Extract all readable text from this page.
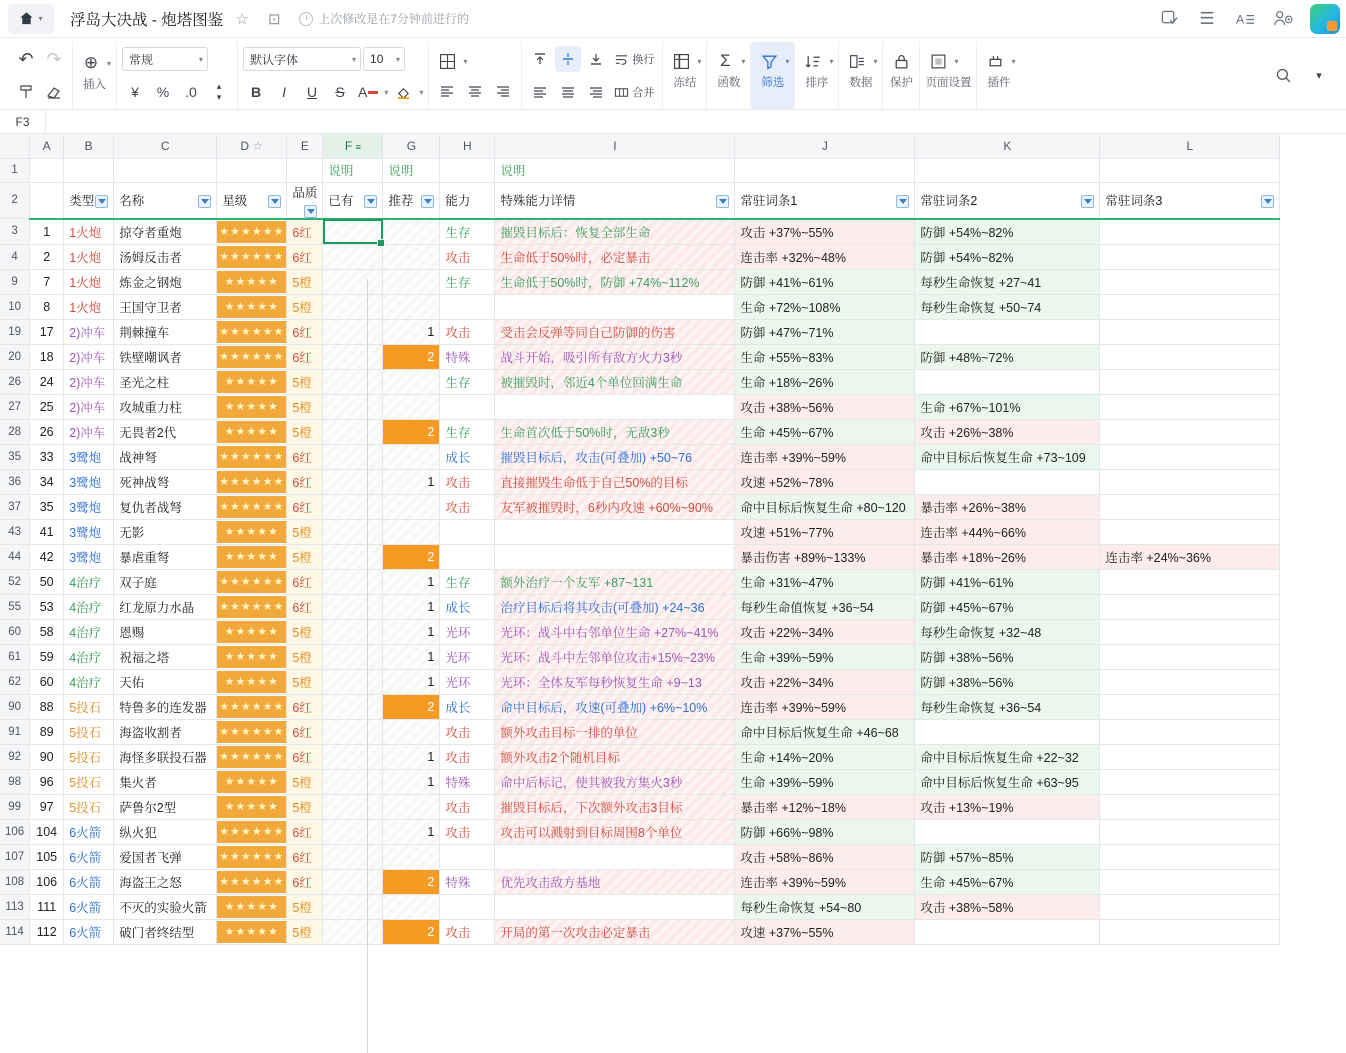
▾ 浮岛大决战 - 炮塔图鉴 ☆	⊡	上次修改是在7分钟前进行的	☰	A
↶ ↷	⊕	▾
插入
常规	▾
¥	%	.0	▴
▾
默认字体	▾ 10	▾
B	I	U	S A	▾	▾
▾	换行
合并
▾
冻结
Σ	▾
函数
▾
筛选
▾
排序
▾
数据	保护
▾
页面设置
▾
插件
▾
F3
	A	B	C	D ☆	E	F ≡	G	H	I	J	K	L
1						说明	说明		说明			
2		类型	名称	星级	品质	已有	推荐	能力	特殊能力详情	常驻词条1	常驻词条2	常驻词条3

3	1	1火炮	掠夺者重炮	★★★★★★	6红			生存	摧毁目标后：恢复全部生命	攻击 +37%~55%	防御 +54%~82%	
4	2	1火炮	汤姆反击者	★★★★★★	6红			攻击	生命低于50%时，必定暴击	连击率 +32%~48%	防御 +54%~82%	
9	7	1火炮	炼金之钢炮	★★★★★	5橙			生存	生命低于50%时，防御 +74%~112%	防御 +41%~61%	每秒生命恢复 +27~41	
10	8	1火炮	王国守卫者	★★★★★	5橙					生命 +72%~108%	每秒生命恢复 +50~74	
19	17	2)冲车	荆棘撞车	★★★★★★	6红		1	攻击	受击会反弹等同自己防御的伤害	防御 +47%~71%		
20	18	2)冲车	铁壁嘲讽者	★★★★★★	6红		2	特殊	战斗开始，吸引所有敌方火力3秒	生命 +55%~83%	防御 +48%~72%	
26	24	2)冲车	圣光之柱	★★★★★	5橙			生存	被摧毁时，邻近4个单位回满生命	生命 +18%~26%		
27	25	2)冲车	攻城重力柱	★★★★★	5橙					攻击 +38%~56%	生命 +67%~101%	
28	26	2)冲车	无畏者2代	★★★★★	5橙		2	生存	生命首次低于50%时，无敌3秒	生命 +45%~67%	攻击 +26%~38%	
35	33	3鹭炮	战神弩	★★★★★★	6红			成长	摧毁目标后，攻击(可叠加) +50~76	连击率 +39%~59%	命中目标后恢复生命 +73~109	
36	34	3鹭炮	死神战弩	★★★★★★	6红		1	攻击	直接摧毁生命低于自己50%的目标	攻速 +52%~78%		
37	35	3鹭炮	复仇者战弩	★★★★★★	6红			攻击	友军被摧毁时，6秒内攻速 +60%~90%	命中目标后恢复生命 +80~120	暴击率 +26%~38%	
43	41	3鹭炮	无影	★★★★★	5橙					攻速 +51%~77%	连击率 +44%~66%	
44	42	3鹭炮	暴虐重弩	★★★★★	5橙		2			暴击伤害 +89%~133%	暴击率 +18%~26%	连击率 +24%~36%
52	50	4治疗	双子庭	★★★★★★	6红		1	生存	额外治疗一个友军 +87~131	生命 +31%~47%	防御 +41%~61%	
55	53	4治疗	红龙原力水晶	★★★★★★	6红		1	成长	治疗目标后将其攻击(可叠加) +24~36	每秒生命值恢复 +36~54	防御 +45%~67%	
60	58	4治疗	恩赐	★★★★★	5橙		1	光环	光环：战斗中右邻单位生命 +27%~41%	攻击 +22%~34%	每秒生命恢复 +32~48	
61	59	4治疗	祝福之塔	★★★★★	5橙		1	光环	光环：战斗中左邻单位攻击+15%~23%	生命 +39%~59%	防御 +38%~56%	
62	60	4治疗	天佑	★★★★★	5橙		1	光环	光环：全体友军每秒恢复生命 +9~13	攻击 +22%~34%	防御 +38%~56%	
90	88	5投石	特鲁多的连发器	★★★★★★	6红		2	成长	命中目标后，攻速(可叠加) +6%~10%	连击率 +39%~59%	每秒生命恢复 +36~54	
91	89	5投石	海盗收割者	★★★★★★	6红			攻击	额外攻击目标一排的单位	命中目标后恢复生命 +46~68		
92	90	5投石	海怪多联投石器	★★★★★★	6红		1	攻击	额外攻击2个随机目标	生命 +14%~20%	命中目标后恢复生命 +22~32	
98	96	5投石	集火者	★★★★★	5橙		1	特殊	命中后标记，使其被我方集火3秒	生命 +39%~59%	命中目标后恢复生命 +63~95	
99	97	5投石	萨鲁尔2型	★★★★★	5橙			攻击	摧毁目标后，下次额外攻击3目标	暴击率 +12%~18%	攻击 +13%~19%	
106	104	6火箭	纵火犯	★★★★★★	6红		1	攻击	攻击可以溅射到目标周围8个单位	防御 +66%~98%		
107	105	6火箭	爱国者飞弹	★★★★★★	6红					攻击 +58%~86%	防御 +57%~85%	
108	106	6火箭	海盗王之怒	★★★★★★	6红		2	特殊	优先攻击敌方基地	连击率 +39%~59%	生命 +45%~67%	
113	111	6火箭	不灭的实验火箭	★★★★★	5橙					每秒生命恢复 +54~80	攻击 +38%~58%	
114	112	6火箭	破门者终结型	★★★★★	5橙		2	攻击	开局的第一次攻击必定暴击	攻速 +37%~55%		
